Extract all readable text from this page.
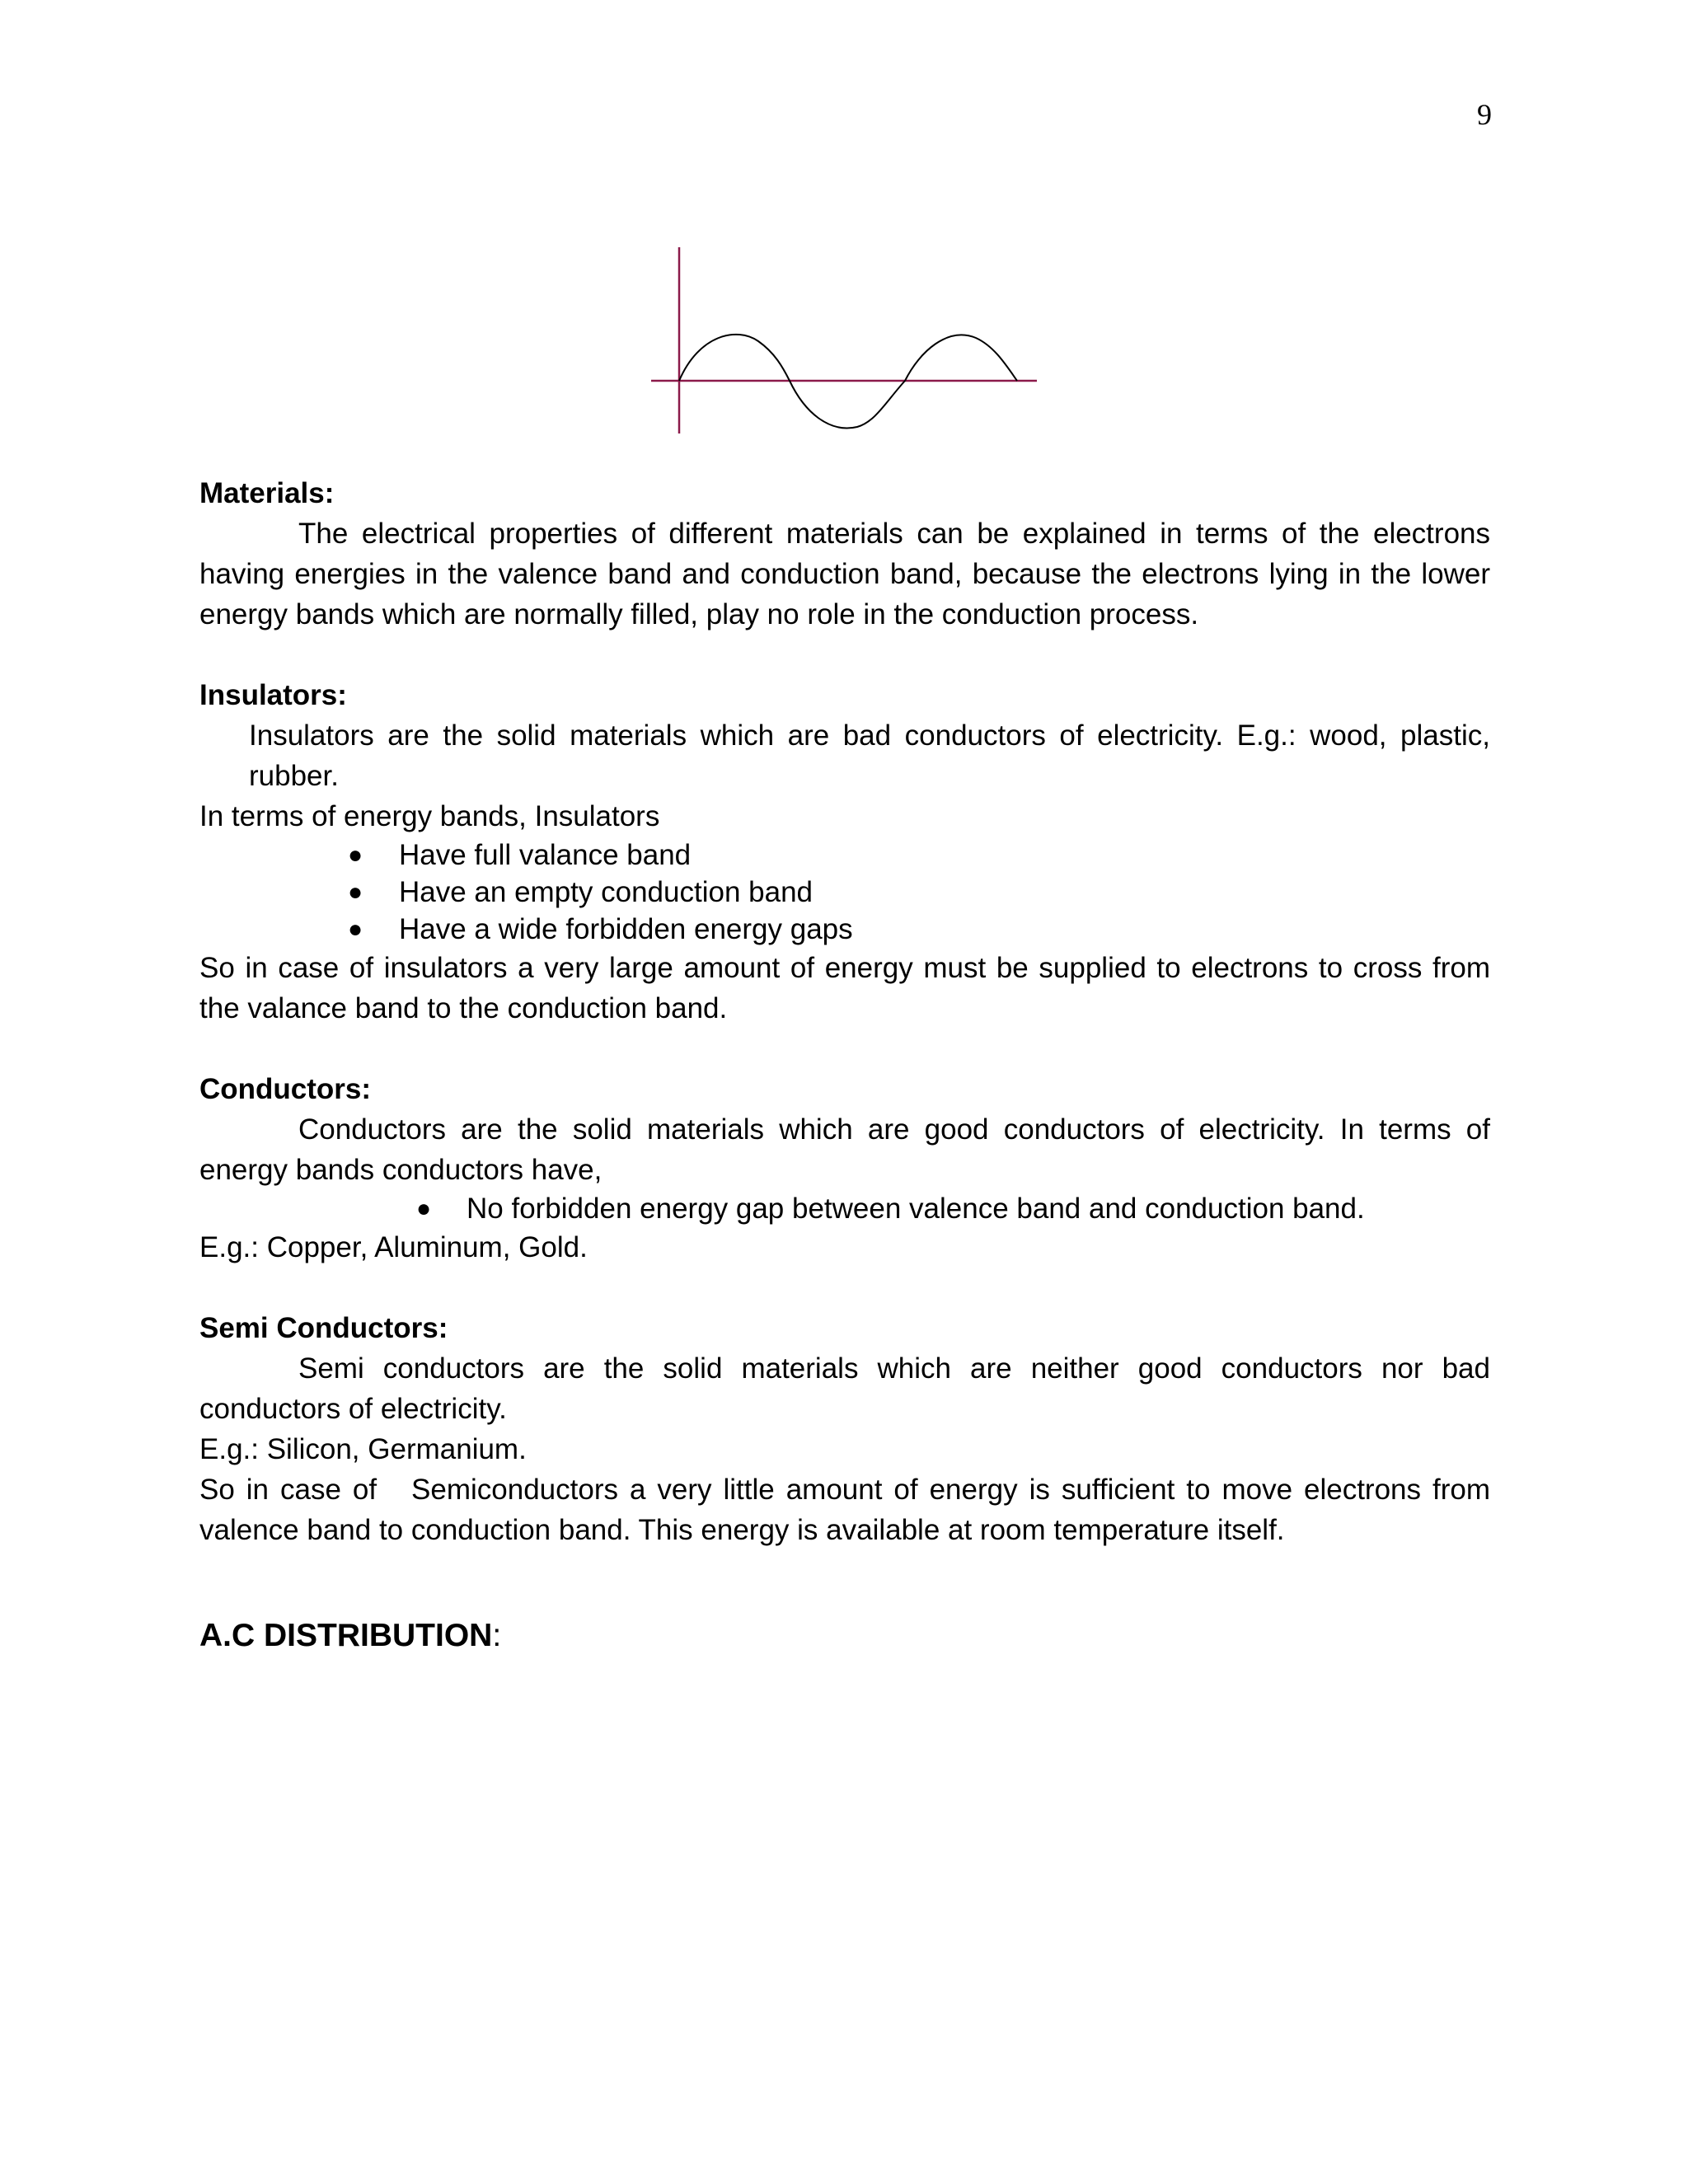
9

Materials:

The electrical properties of different materials can be explained in terms of the electrons having energies in the valence band and conduction band, because the electrons lying in the lower energy bands which are normally filled, play no role in the conduction process.

Insulators:

Insulators are the solid materials which are bad conductors of electricity. E.g.: wood, plastic, rubber.

In terms of energy bands, Insulators

● Have full valance band
● Have an empty conduction band
● Have a wide forbidden energy gaps

So in case of insulators a very large amount of energy must be supplied to electrons to cross from the valance band to the conduction band.

Conductors:

Conductors are the solid materials which are good conductors of electricity. In terms of energy bands conductors have,

● No forbidden energy gap between valence band and conduction band.

E.g.: Copper, Aluminum, Gold.

Semi Conductors:

Semi conductors are the solid materials which are neither good conductors nor bad conductors of electricity.

E.g.: Silicon, Germanium.

So in case of   Semiconductors a very little amount of energy is sufficient to move electrons from valence band to conduction band. This energy is available at room temperature itself.

A.C DISTRIBUTION:
